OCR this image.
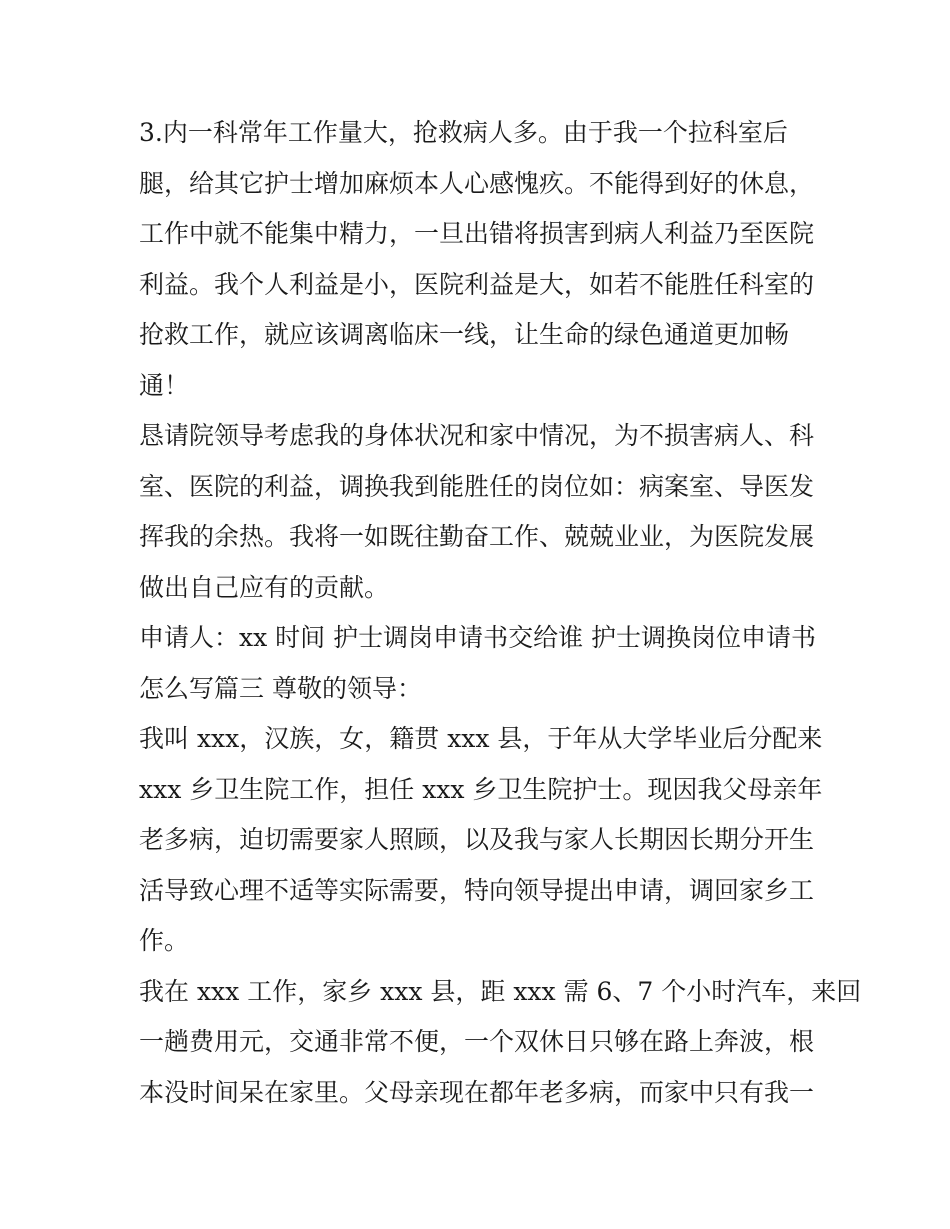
3.内一科常年工作量大，抢救病人多。由于我一个拉科室后
腿，给其它护士增加麻烦本人心感愧疚。不能得到好的休息，
工作中就不能集中精力，一旦出错将损害到病人利益乃至医院
利益。我个人利益是小，医院利益是大，如若不能胜任科室的
抢救工作，就应该调离临床一线，让生命的绿色通道更加畅
通！
恳请院领导考虑我的身体状况和家中情况，为不损害病人、科
室、医院的利益，调换我到能胜任的岗位如：病案室、导医发
挥我的余热。我将一如既往勤奋工作、兢兢业业，为医院发展
做出自己应有的贡献。
申请人：xx 时间 护士调岗申请书交给谁 护士调换岗位申请书
怎么写篇三 尊敬的领导：
我叫 xxx，汉族，女，籍贯 xxx 县，于年从大学毕业后分配来
xxx 乡卫生院工作，担任 xxx 乡卫生院护士。现因我父母亲年
老多病，迫切需要家人照顾，以及我与家人长期因长期分开生
活导致心理不适等实际需要，特向领导提出申请，调回家乡工
作。
我在 xxx 工作，家乡 xxx 县，距 xxx 需 6、7 个小时汽车，来回
一趟费用元，交通非常不便，一个双休日只够在路上奔波，根
本没时间呆在家里。父母亲现在都年老多病，而家中只有我一
